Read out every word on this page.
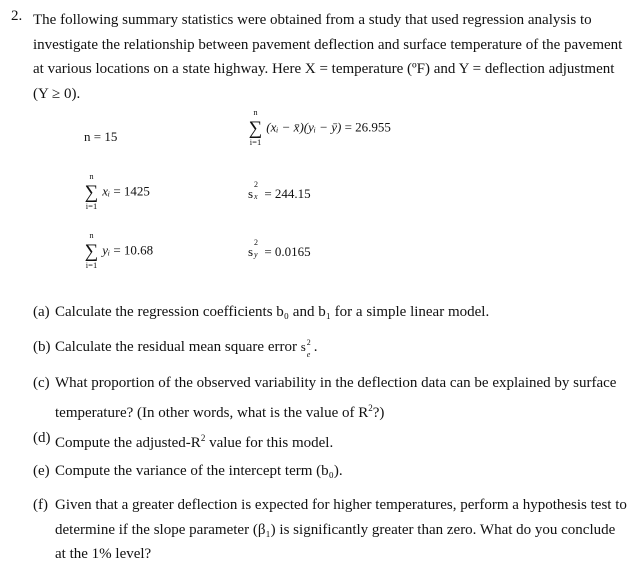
2. The following summary statistics were obtained from a study that used regression analysis to investigate the relationship between pavement deflection and surface temperature of the pavement at various locations on a state highway. Here X = temperature (ºF) and Y = deflection adjustment (Y ≥ 0).

n = 15
n
∑
i=1
(xᵢ − x̄)(yᵢ − ȳ) = 26.955
n
∑
i=1
xᵢ = 1425	s
2
x = 244.15
n
∑
i=1
yᵢ = 10.68	s
2
y = 0.0165
(a) Calculate the regression coefficients b₀ and b₁ for a simple linear model.
(b) Calculate the residual mean square error s 2
e .
(c) What proportion of the observed variability in the deflection data can be explained by surface temperature? (In other words, what is the value of $R^2$?)
(d) Compute the adjusted-$R^2$ value for this model.
(e) Compute the variance of the intercept term (b₀).
(f) Given that a greater deflection is expected for higher temperatures, perform a hypothesis test to determine if the slope parameter (β₁) is significantly greater than zero. What do you conclude at the 1% level?
